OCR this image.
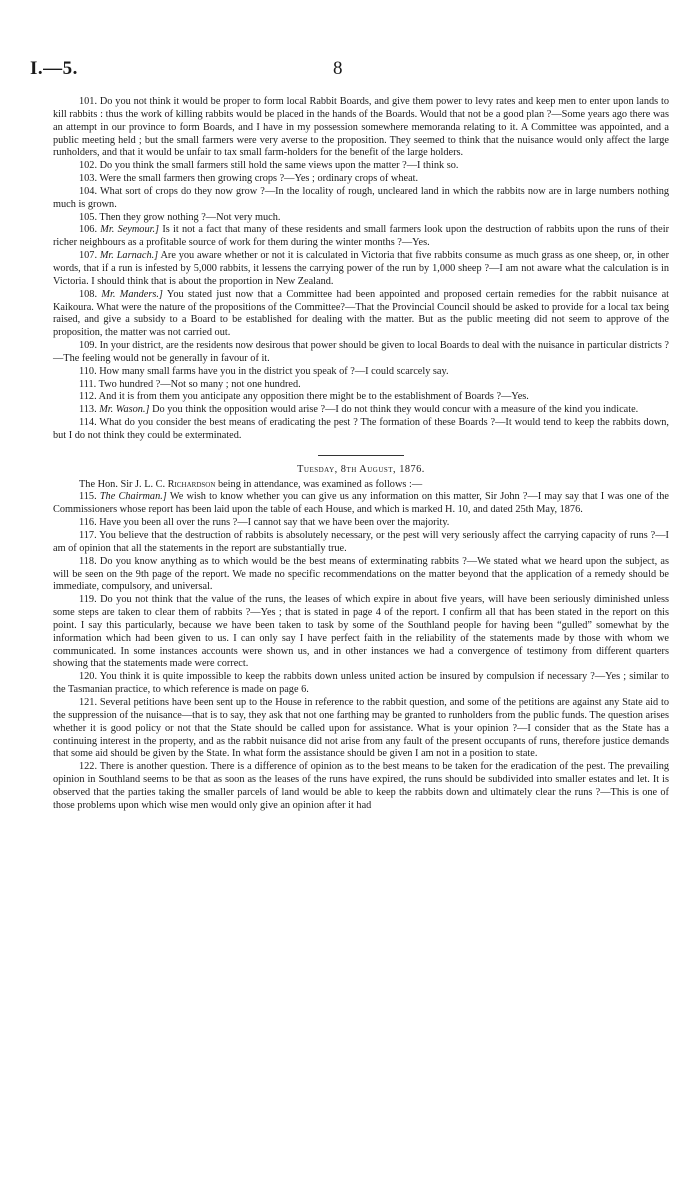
I.—5.	8

101. Do you not think it would be proper to form local Rabbit Boards, and give them power to levy rates and keep men to enter upon lands to kill rabbits : thus the work of killing rabbits would be placed in the hands of the Boards. Would that not be a good plan ?—Some years ago there was an attempt in our province to form Boards, and I have in my possession somewhere memoranda relating to it. A Committee was appointed, and a public meeting held ; but the small farmers were very averse to the proposition. They seemed to think that the nuisance would only affect the large runholders, and that it would be unfair to tax small farm-holders for the benefit of the large holders.

102. Do you think the small farmers still hold the same views upon the matter ?—I think so.

103. Were the small farmers then growing crops ?—Yes ; ordinary crops of wheat.

104. What sort of crops do they now grow ?—In the locality of rough, uncleared land in which the rabbits now are in large numbers nothing much is grown.

105. Then they grow nothing ?—Not very much.

106. Mr. Seymour.] Is it not a fact that many of these residents and small farmers look upon the destruction of rabbits upon the runs of their richer neighbours as a profitable source of work for them during the winter months ?—Yes.

107. Mr. Larnach.] Are you aware whether or not it is calculated in Victoria that five rabbits consume as much grass as one sheep, or, in other words, that if a run is infested by 5,000 rabbits, it lessens the carrying power of the run by 1,000 sheep ?—I am not aware what the calculation is in Victoria. I should think that is about the proportion in New Zealand.

108. Mr. Manders.] You stated just now that a Committee had been appointed and proposed certain remedies for the rabbit nuisance at Kaikoura. What were the nature of the propositions of the Committee?—That the Provincial Council should be asked to provide for a local tax being raised, and give a subsidy to a Board to be established for dealing with the matter. But as the public meeting did not seem to approve of the proposition, the matter was not carried out.

109. In your district, are the residents now desirous that power should be given to local Boards to deal with the nuisance in particular districts ?—The feeling would not be generally in favour of it.

110. How many small farms have you in the district you speak of ?—I could scarcely say.

111. Two hundred ?—Not so many ; not one hundred.

112. And it is from them you anticipate any opposition there might be to the establishment of Boards ?—Yes.

113. Mr. Wason.] Do you think the opposition would arise ?—I do not think they would concur with a measure of the kind you indicate.

114. What do you consider the best means of eradicating the pest ? The formation of these Boards ?—It would tend to keep the rabbits down, but I do not think they could be exterminated.

Tuesday, 8th August, 1876.

The Hon. Sir J. L. C. Richardson being in attendance, was examined as follows :—

115. The Chairman.] We wish to know whether you can give us any information on this matter, Sir John ?—I may say that I was one of the Commissioners whose report has been laid upon the table of each House, and which is marked H. 10, and dated 25th May, 1876.

116. Have you been all over the runs ?—I cannot say that we have been over the majority.

117. You believe that the destruction of rabbits is absolutely necessary, or the pest will very seriously affect the carrying capacity of runs ?—I am of opinion that all the statements in the report are substantially true.

118. Do you know anything as to which would be the best means of exterminating rabbits ?—We stated what we heard upon the subject, as will be seen on the 9th page of the report. We made no specific recommendations on the matter beyond that the application of a remedy should be immediate, compulsory, and universal.

119. Do you not think that the value of the runs, the leases of which expire in about five years, will have been seriously diminished unless some steps are taken to clear them of rabbits ?—Yes ; that is stated in page 4 of the report. I confirm all that has been stated in the report on this point. I say this particularly, because we have been taken to task by some of the Southland people for having been “gulled” somewhat by the information which had been given to us. I can only say I have perfect faith in the reliability of the statements made by those with whom we communicated. In some instances accounts were shown us, and in other instances we had a convergence of testimony from different quarters showing that the statements made were correct.

120. You think it is quite impossible to keep the rabbits down unless united action be insured by compulsion if necessary ?—Yes ; similar to the Tasmanian practice, to which reference is made on page 6.

121. Several petitions have been sent up to the House in reference to the rabbit question, and some of the petitions are against any State aid to the suppression of the nuisance—that is to say, they ask that not one farthing may be granted to runholders from the public funds. The question arises whether it is good policy or not that the State should be called upon for assistance. What is your opinion ?—I consider that as the State has a continuing interest in the property, and as the rabbit nuisance did not arise from any fault of the present occupants of runs, therefore justice demands that some aid should be given by the State. In what form the assistance should be given I am not in a position to state.

122. There is another question. There is a difference of opinion as to the best means to be taken for the eradication of the pest. The prevailing opinion in Southland seems to be that as soon as the leases of the runs have expired, the runs should be subdivided into smaller estates and let. It is observed that the parties taking the smaller parcels of land would be able to keep the rabbits down and ultimately clear the runs ?—This is one of those problems upon which wise men would only give an opinion after it had
